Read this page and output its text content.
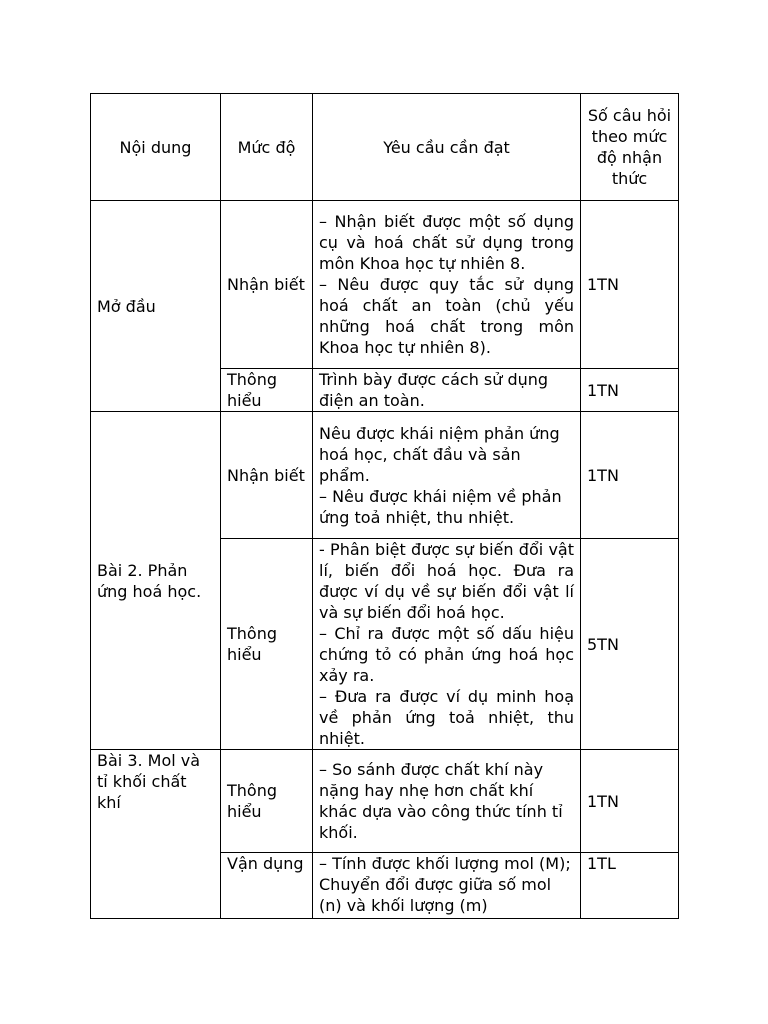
Nội dung	Mức độ	Yêu cầu cần đạt	Số câu hỏi theo mức độ nhận thức
Mở đầu	Nhận biết	– Nhận biết được một số dụng cụ và hoá chất sử dụng trong môn Khoa học tự nhiên 8.
– Nêu được quy tắc sử dụng hoá chất an toàn (chủ yếu những hoá chất trong môn Khoa học tự nhiên 8).	1TN
	Thông hiểu	Trình bày được cách sử dụng điện an toàn.	1TN
Bài 2. Phản ứng hoá học.	Nhận biết	Nêu được khái niệm phản ứng hoá học, chất đầu và sản phẩm.
– Nêu được khái niệm về phản ứng toả nhiệt, thu nhiệt.	1TN
	Thông hiểu	- Phân biệt được sự biến đổi vật lí, biến đổi hoá học. Đưa ra được ví dụ về sự biến đổi vật lí và sự biến đổi hoá học.
– Chỉ ra được một số dấu hiệu chứng tỏ có phản ứng hoá học xảy ra.
– Đưa ra được ví dụ minh hoạ về phản ứng toả nhiệt, thu nhiệt.	5TN
Bài 3. Mol và tỉ khối chất khí	Thông hiểu	– So sánh được chất khí này nặng hay nhẹ hơn chất khí khác dựa vào công thức tính tỉ khối.	1TN
	Vận dụng	– Tính được khối lượng mol (M); Chuyển đổi được giữa số mol (n) và khối lượng (m)	1TL
